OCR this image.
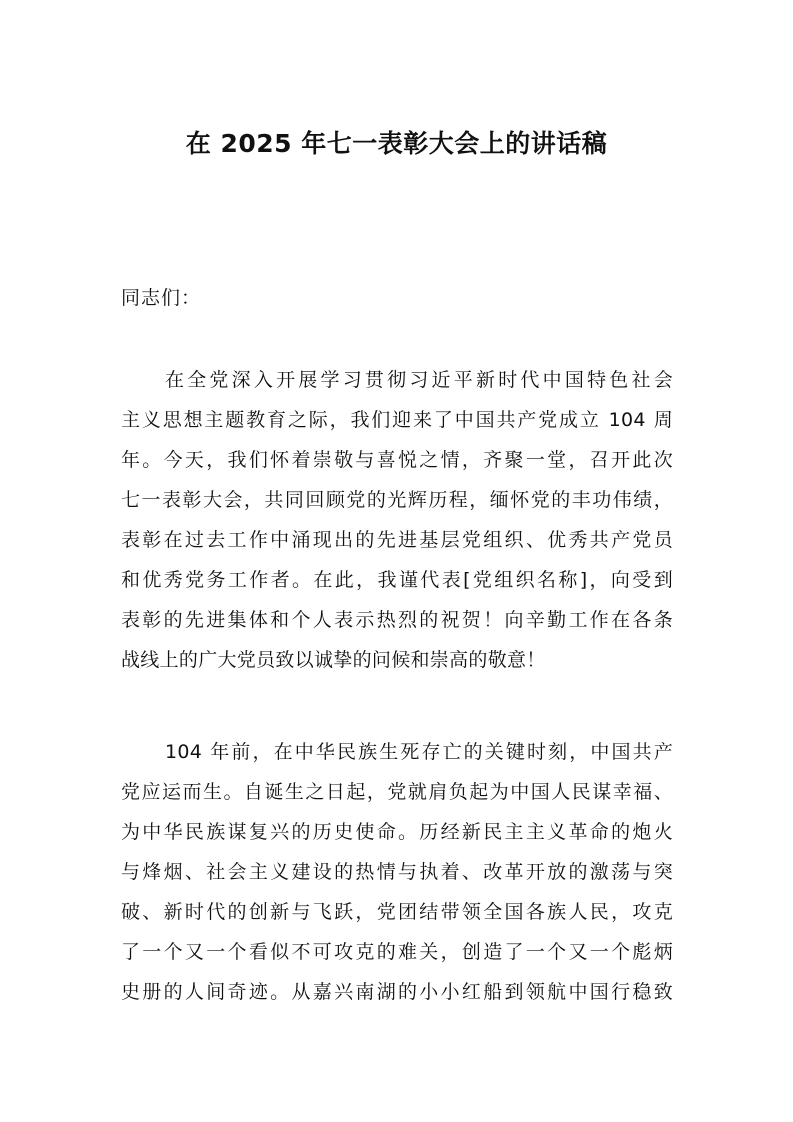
在 2025 年七一表彰大会上的讲话稿
同志们：
在全党深入开展学习贯彻习近平新时代中国特色社会
主义思想主题教育之际，我们迎来了中国共产党成立 104 周
年。今天，我们怀着崇敬与喜悦之情，齐聚一堂，召开此次
七一表彰大会，共同回顾党的光辉历程，缅怀党的丰功伟绩，
表彰在过去工作中涌现出的先进基层党组织、优秀共产党员
和优秀党务工作者。在此，我谨代表[党组织名称]，向受到
表彰的先进集体和个人表示热烈的祝贺！向辛勤工作在各条
战线上的广大党员致以诚挚的问候和崇高的敬意！
104 年前，在中华民族生死存亡的关键时刻，中国共产
党应运而生。自诞生之日起，党就肩负起为中国人民谋幸福、
为中华民族谋复兴的历史使命。历经新民主主义革命的炮火
与烽烟、社会主义建设的热情与执着、改革开放的激荡与突
破、新时代的创新与飞跃，党团结带领全国各族人民，攻克
了一个又一个看似不可攻克的难关，创造了一个又一个彪炳
史册的人间奇迹。从嘉兴南湖的小小红船到领航中国行稳致
